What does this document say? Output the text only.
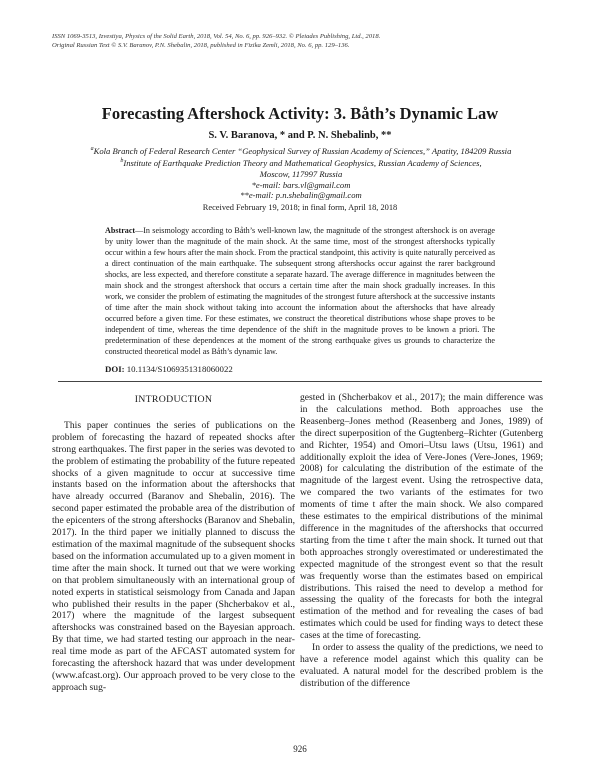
ISSN 1069-3513, Izvestiya, Physics of the Solid Earth, 2018, Vol. 54, No. 6, pp. 926–932. © Pleiades Publishing, Ltd., 2018.
Original Russian Text © S.V. Baranov, P.N. Shebalin, 2018, published in Fizika Zemli, 2018, No. 6, pp. 129–136.
Forecasting Aftershock Activity: 3. Båth’s Dynamic Law
S. V. Baranova, * and P. N. Shebalinb, **
$^a$Kola Branch of Federal Research Center “Geophysical Survey of Russian Academy of Sciences,” Apatity, 184209 Russia
$^b$Institute of Earthquake Prediction Theory and Mathematical Geophysics, Russian Academy of Sciences,
Moscow, 117997 Russia
*e-mail: bars.vl@gmail.com
**e-mail: p.n.shebalin@gmail.com
Received February 19, 2018; in final form, April 18, 2018
Abstract—In seismology according to Båth’s well-known law, the magnitude of the strongest aftershock is on average by unity lower than the magnitude of the main shock. At the same time, most of the strongest aftershocks typically occur within a few hours after the main shock. From the practical standpoint, this activity is quite naturally perceived as a direct continuation of the main earthquake. The subsequent strong aftershocks occur against the rarer background shocks, are less expected, and therefore constitute a separate hazard. The average difference in magnitudes between the main shock and the strongest aftershock that occurs a certain time after the main shock gradually increases. In this work, we consider the problem of estimating the magnitudes of the strongest future aftershock at the successive instants of time after the main shock without taking into account the information about the aftershocks that have already occurred before a given time. For these estimates, we construct the theoretical distributions whose shape proves to be independent of time, whereas the time dependence of the shift in the magnitude proves to be known a priori. The predetermination of these dependences at the moment of the strong earthquake gives us grounds to characterize the constructed theoretical model as Båth’s dynamic law.
DOI: 10.1134/S1069351318060022
INTRODUCTION

This paper continues the series of publications on the problem of forecasting the hazard of repeated shocks after strong earthquakes. The first paper in the series was devoted to the problem of estimating the probability of the future repeated shocks of a given magnitude to occur at successive time instants based on the information about the aftershocks that have already occurred (Baranov and Shebalin, 2016). The second paper estimated the probable area of the distribution of the epicenters of the strong aftershocks (Baranov and Shebalin, 2017). In the third paper we initially planned to discuss the estimation of the maximal magnitude of the subsequent shocks based on the information accumulated up to a given moment in time after the main shock. It turned out that we were working on that problem simultaneously with an international group of noted experts in statistical seismology from Canada and Japan who published their results in the paper (Shcherbakov et al., 2017) where the magnitude of the largest subsequent aftershocks was constrained based on the Bayesian approach. By that time, we had started testing our approach in the near-real time mode as part of the AFCAST automated system for forecasting the aftershock hazard that was under development (www.afcast.org). Our approach proved to be very close to the approach sug-

gested in (Shcherbakov et al., 2017); the main difference was in the calculations method. Both approaches use the Reasenberg–Jones method (Reasenberg and Jones, 1989) of the direct superposition of the Gugtenberg–Richter (Gutenberg and Richter, 1954) and Omori–Utsu laws (Utsu, 1961) and additionally exploit the idea of Vere-Jones (Vere-Jones, 1969; 2008) for calculating the distribution of the estimate of the magnitude of the largest event. Using the retrospective data, we compared the two variants of the estimates for two moments of time t after the main shock. We also compared these estimates to the empirical distributions of the minimal difference in the magnitudes of the aftershocks that occurred starting from the time t after the main shock. It turned out that both approaches strongly overestimated or underestimated the expected magnitude of the strongest event so that the result was frequently worse than the estimates based on empirical distributions. This raised the need to develop a method for assessing the quality of the forecasts for both the integral estimation of the method and for revealing the cases of bad estimates which could be used for finding ways to detect these cases at the time of forecasting.

In order to assess the quality of the predictions, we need to have a reference model against which this quality can be evaluated. A natural model for the described problem is the distribution of the difference

926
